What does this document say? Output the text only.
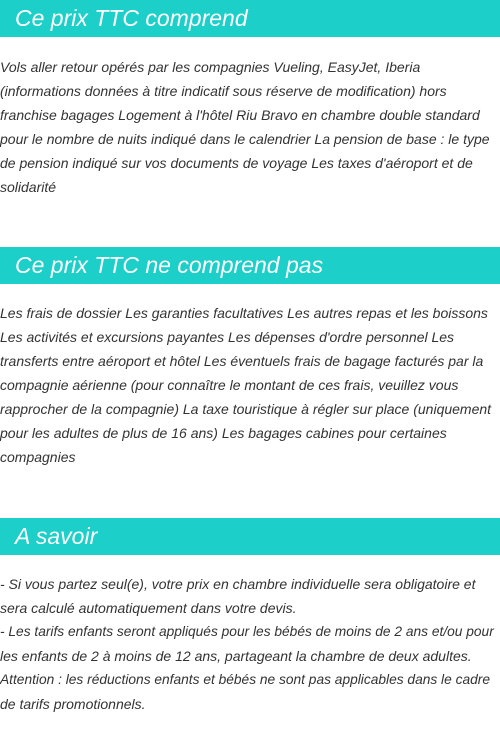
Ce prix TTC comprend
Vols aller retour opérés par les compagnies Vueling, EasyJet, Iberia
(informations données à titre indicatif sous réserve de modification) hors
franchise bagages Logement à l'hôtel Riu Bravo en chambre double standard
pour le nombre de nuits indiqué dans le calendrier La pension de base : le type
de pension indiqué sur vos documents de voyage Les taxes d'aéroport et de
solidarité
Ce prix TTC ne comprend pas
Les frais de dossier Les garanties facultatives Les autres repas et les boissons
Les activités et excursions payantes Les dépenses d'ordre personnel Les
transferts entre aéroport et hôtel Les éventuels frais de bagage facturés par la
compagnie aérienne (pour connaître le montant de ces frais, veuillez vous
rapprocher de la compagnie) La taxe touristique à régler sur place (uniquement
pour les adultes de plus de 16 ans) Les bagages cabines pour certaines
compagnies
A savoir
- Si vous partez seul(e), votre prix en chambre individuelle sera obligatoire et
sera calculé automatiquement dans votre devis.
- Les tarifs enfants seront appliqués pour les bébés de moins de 2 ans et/ou pour
les enfants de 2 à moins de 12 ans, partageant la chambre de deux adultes.
Attention : les réductions enfants et bébés ne sont pas applicables dans le cadre
de tarifs promotionnels.
